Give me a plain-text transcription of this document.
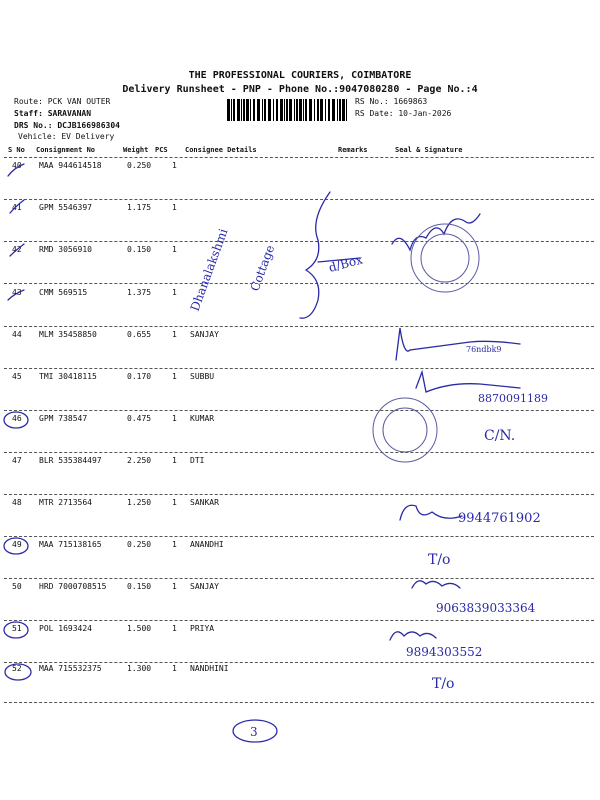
THE PROFESSIONAL COURIERS, COIMBATORE
Delivery Runsheet - PNP - Phone No.:9047080280 - Page No.:4
Route: PCK VAN OUTER
Staff: SARAVANAN
DRS No.: DCJB166986304
Vehicle: EV Delivery
RS No.: 1669863
RS Date: 10-Jan-2026
S No Consignment No	Weight PCS Consignee Details	Remarks	Seal & Signature
40 MAA 944614518	0.250	1
41 GPM 5546397	1.175	1
42 RMD 3056910	0.150	1
43 CMM 569515	1.375	1
44 MLM 35458850	0.655	1 SANJAY
45 TMI 30418115	0.170	1 SUBBU
46 GPM 738547	0.475	1 KUMAR
47 BLR 535384497	2.250	1 DTI
48 MTR 2713564	1.250	1 SANKAR
49 MAA 715138165	0.250	1 ANANDHI
50 HRD 7000708515	0.150	1 SANJAY
51 POL 1693424	1.500	1 PRIYA
52 MAA 715532375	1.300	1 NANDHINI
Dhanalakshmi Cottage	d/Box
76ndbk9
8870091189
C/N.
9944761902
T/o
9063839033364
9894303552
T/o
3
